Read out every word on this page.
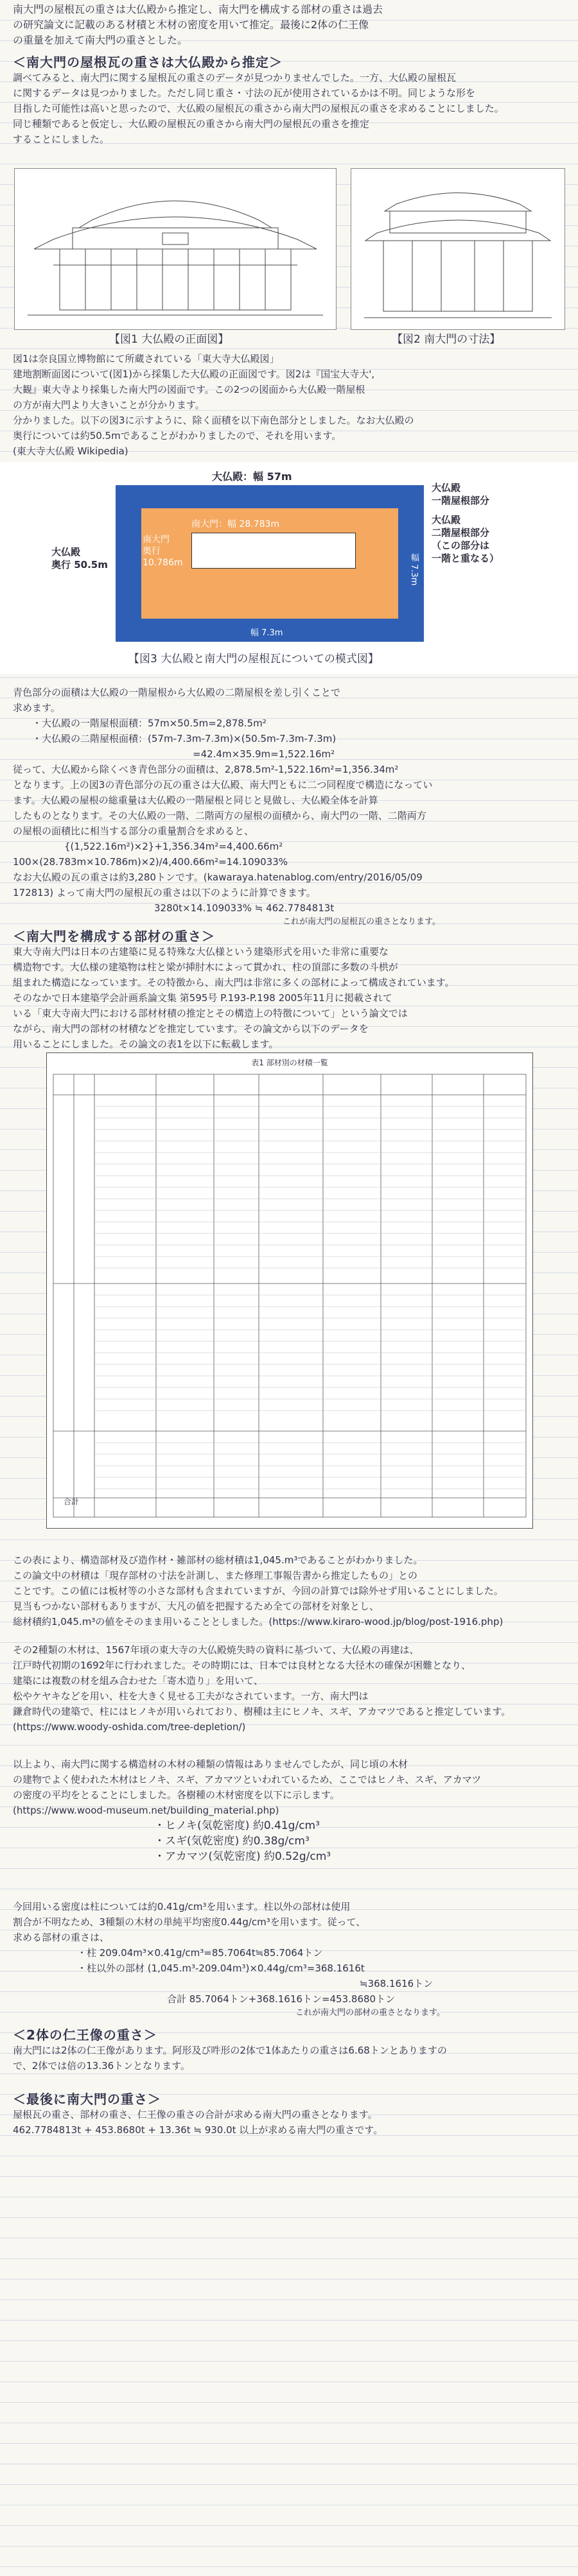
南大門の屋根瓦の重さは大仏殿から推定し、南大門を構成する部材の重さは過去

の研究論文に記載のある材積と木材の密度を用いて推定。最後に2体の仁王像

の重量を加えて南大門の重さとした。

＜南大門の屋根瓦の重さは大仏殿から推定＞

調べてみると、南大門に関する屋根瓦の重さのデータが見つかりませんでした。一方、大仏殿の屋根瓦

に関するデータは見つかりました。ただし同じ重さ・寸法の瓦が使用されているかは不明。同じような形を

目指した可能性は高いと思ったので、大仏殿の屋根瓦の重さから南大門の屋根瓦の重さを求めることにしました。

同じ種類であると仮定し、大仏殿の屋根瓦の重さから南大門の屋根瓦の重さを推定

することにしました。

【図1 大仏殿の正面図】	【図2 南大門の寸法】

図1は奈良国立博物館にて所蔵されている「東大寺大仏殿図」

建地割断面図について(図1)から採集した大仏殿の正面図です。図2は『国宝大寺大',

大観』東大寺より採集した南大門の図面です。この2つの図面から大仏殿一階屋根

の方が南大門より大きいことが分かります。

分かりました。以下の図3に示すように、除く面積を以下南色部分としました。なお大仏殿の

奥行については約50.5mであることがわかりましたので、それを用います。

(東大寺大仏殿 Wikipedia)

大仏殿：幅 57m
南大門：幅 28.783m
南大門
奥行
10.786m	幅 7.3m
幅 7.3m
大仏殿
奥行 50.5m
大仏殿
一階屋根部分
大仏殿
二階屋根部分
（この部分は
一階と重なる）
【図3 大仏殿と南大門の屋根瓦についての模式図】

青色部分の面積は大仏殿の一階屋根から大仏殿の二階屋根を差し引くことで

求めます。

・大仏殿の一階屋根面積：57m×50.5m=2,878.5m²

・大仏殿の二階屋根面積：(57m-7.3m-7.3m)×(50.5m-7.3m-7.3m)

=42.4m×35.9m=1,522.16m²

従って、大仏殿から除くべき青色部分の面積は、2,878.5m²-1,522.16m²=1,356.34m²

となります。上の図3の青色部分の瓦の重さは大仏殿、南大門ともに二つ同程度で構造になってい

ます。大仏殿の屋根の総重量は大仏殿の一階屋根と同じと見做し、大仏殿全体を計算

したものとなります。その大仏殿の一階、二階両方の屋根の面積から、南大門の一階、二階両方

の屋根の面積比に相当する部分の重量割合を求めると、

{(1,522.16m²)×2}+1,356.34m²=4,400.66m²

100×(28.783m×10.786m)×2)/4,400.66m²=14.109033%

なお大仏殿の瓦の重さは約3,280トンです。(kawaraya.hatenablog.com/entry/2016/05/09

172813) よって南大門の屋根瓦の重さは以下のように計算できます。

3280t×14.109033% ≒ 462.7784813t

これが南大門の屋根瓦の重さとなります。

＜南大門を構成する部材の重さ＞

東大寺南大門は日本の古建築に見る特殊な大仏様という建築形式を用いた非常に重要な

構造物です。大仏様の建築物は柱と梁が挿肘木によって貫かれ、柱の頂部に多数の斗栱が

組まれた構造になっています。その特徴から、南大門は非常に多くの部材によって構成されています。

そのなかで日本建築学会計画系論文集 第595号 P.193-P.198 2005年11月に掲載されて

いる「東大寺南大門における部材材積の推定とその構造上の特徴について」という論文では

ながら、南大門の部材の材積などを推定しています。その論文から以下のデータを

用いることにしました。その論文の表1を以下に転載します。

表1 部材別の材積一覧
合計

この表により、構造部材及び造作材・雑部材の総材積は1,045.m³であることがわかりました。

この論文中の材積は「現存部材の寸法を計測し、また修理工事報告書から推定したもの」との

ことです。この値には板材等の小さな部材も含まれていますが、今回の計算では除外せず用いることにしました。

見当もつかない部材もありますが、大凡の値を把握するため全ての部材を対象とし、

総材積約1,045.m³の値をそのまま用いることとしました。(https://www.kiraro-wood.jp/blog/post-1916.php)

その2種類の木材は、1567年頃の東大寺の大仏殿焼失時の資料に基づいて、大仏殿の再建は、

江戸時代初期の1692年に行われました。その時期には、日本では良材となる大径木の確保が困難となり、

建築には複数の材を組み合わせた「寄木造り」を用いて、

松やケヤキなどを用い、柱を大きく見せる工夫がなされています。一方、南大門は

鎌倉時代の建築で、柱にはヒノキが用いられており、樹種は主にヒノキ、スギ、アカマツであると推定しています。

(https://www.woody-oshida.com/tree-depletion/)

以上より、南大門に関する構造材の木材の種類の情報はありませんでしたが、同じ頃の木材

の建物でよく使われた木材はヒノキ、スギ、アカマツといわれているため、ここではヒノキ、スギ、アカマツ

の密度の平均をとることにしました。各樹種の木材密度を以下に示します。

(https://www.wood-museum.net/building_material.php)

・ヒノキ(気乾密度) 約0.41g/cm³

・スギ(気乾密度) 約0.38g/cm³

・アカマツ(気乾密度) 約0.52g/cm³

今回用いる密度は柱については約0.41g/cm³を用います。柱以外の部材は使用

割合が不明なため、3種類の木材の単純平均密度0.44g/cm³を用います。従って、

求める部材の重さは、

・柱 209.04m³×0.41g/cm³=85.7064t≒85.7064トン

・柱以外の部材 (1,045.m³-209.04m³)×0.44g/cm³=368.1616t

≒368.1616トン

合計 85.7064トン+368.1616トン=453.8680トン

これが南大門の部材の重さとなります。

＜2体の仁王像の重さ＞

南大門には2体の仁王像があります。阿形及び吽形の2体で1体あたりの重さは6.68トンとありますの

で、2体では倍の13.36トンとなります。

＜最後に南大門の重さ＞

屋根瓦の重さ、部材の重さ、仁王像の重さの合計が求める南大門の重さとなります。

462.7784813t + 453.8680t + 13.36t ≒ 930.0t 以上が求める南大門の重さです。
